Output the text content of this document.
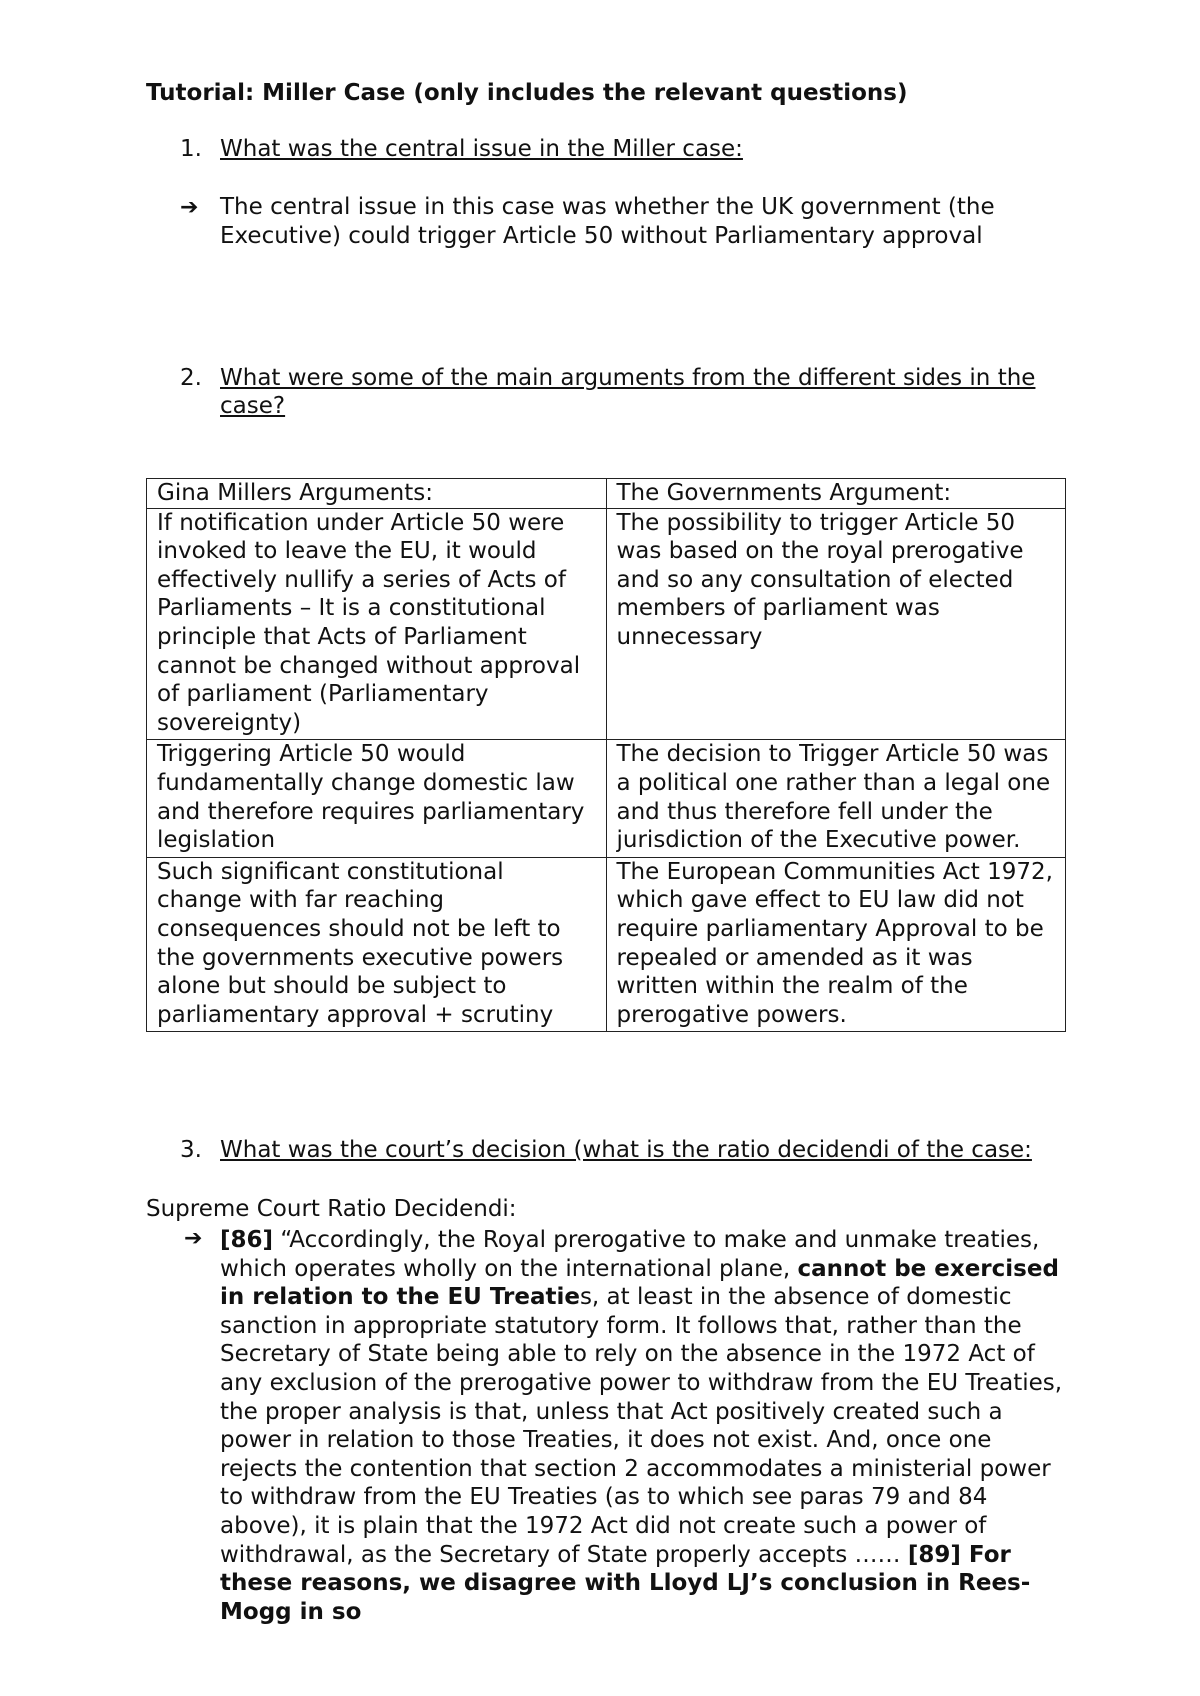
Tutorial: Miller Case (only includes the relevant questions)
1. What was the central issue in the Miller case:
➔ The central issue in this case was whether the UK government (the Executive) could trigger Article 50 without Parliamentary approval
2. What were some of the main arguments from the different sides in the case?
Gina Millers Arguments:	The Governments Argument:
If notification under Article 50 were invoked to leave the EU, it would effectively nullify a series of Acts of Parliaments – It is a constitutional principle that Acts of Parliament cannot be changed without approval of parliament (Parliamentary sovereignty)	The possibility to trigger Article 50 was based on the royal prerogative and so any consultation of elected members of parliament was unnecessary
Triggering Article 50 would fundamentally change domestic law and therefore requires parliamentary legislation	The decision to Trigger Article 50 was a political one rather than a legal one and thus therefore fell under the jurisdiction of the Executive power.
Such significant constitutional change with far reaching consequences should not be left to the governments executive powers alone but should be subject to parliamentary approval + scrutiny	The European Communities Act 1972, which gave effect to EU law did not require parliamentary Approval to be repealed or amended as it was written within the realm of the prerogative powers.
3. What was the court’s decision (what is the ratio decidendi of the case:
Supreme Court Ratio Decidendi:
➔ [86] “Accordingly, the Royal prerogative to make and unmake treaties, which operates wholly on the international plane, cannot be exercised in relation to the EU Treaties, at least in the absence of domestic sanction in appropriate statutory form. It follows that, rather than the Secretary of State being able to rely on the absence in the 1972 Act of any exclusion of the prerogative power to withdraw from the EU Treaties, the proper analysis is that, unless that Act positively created such a power in relation to those Treaties, it does not exist. And, once one rejects the contention that section 2 accommodates a ministerial power to withdraw from the EU Treaties (as to which see paras 79 and 84 above), it is plain that the 1972 Act did not create such a power of withdrawal, as the Secretary of State properly accepts …… [89] For these reasons, we disagree with Lloyd LJ’s conclusion in Rees-Mogg in so
